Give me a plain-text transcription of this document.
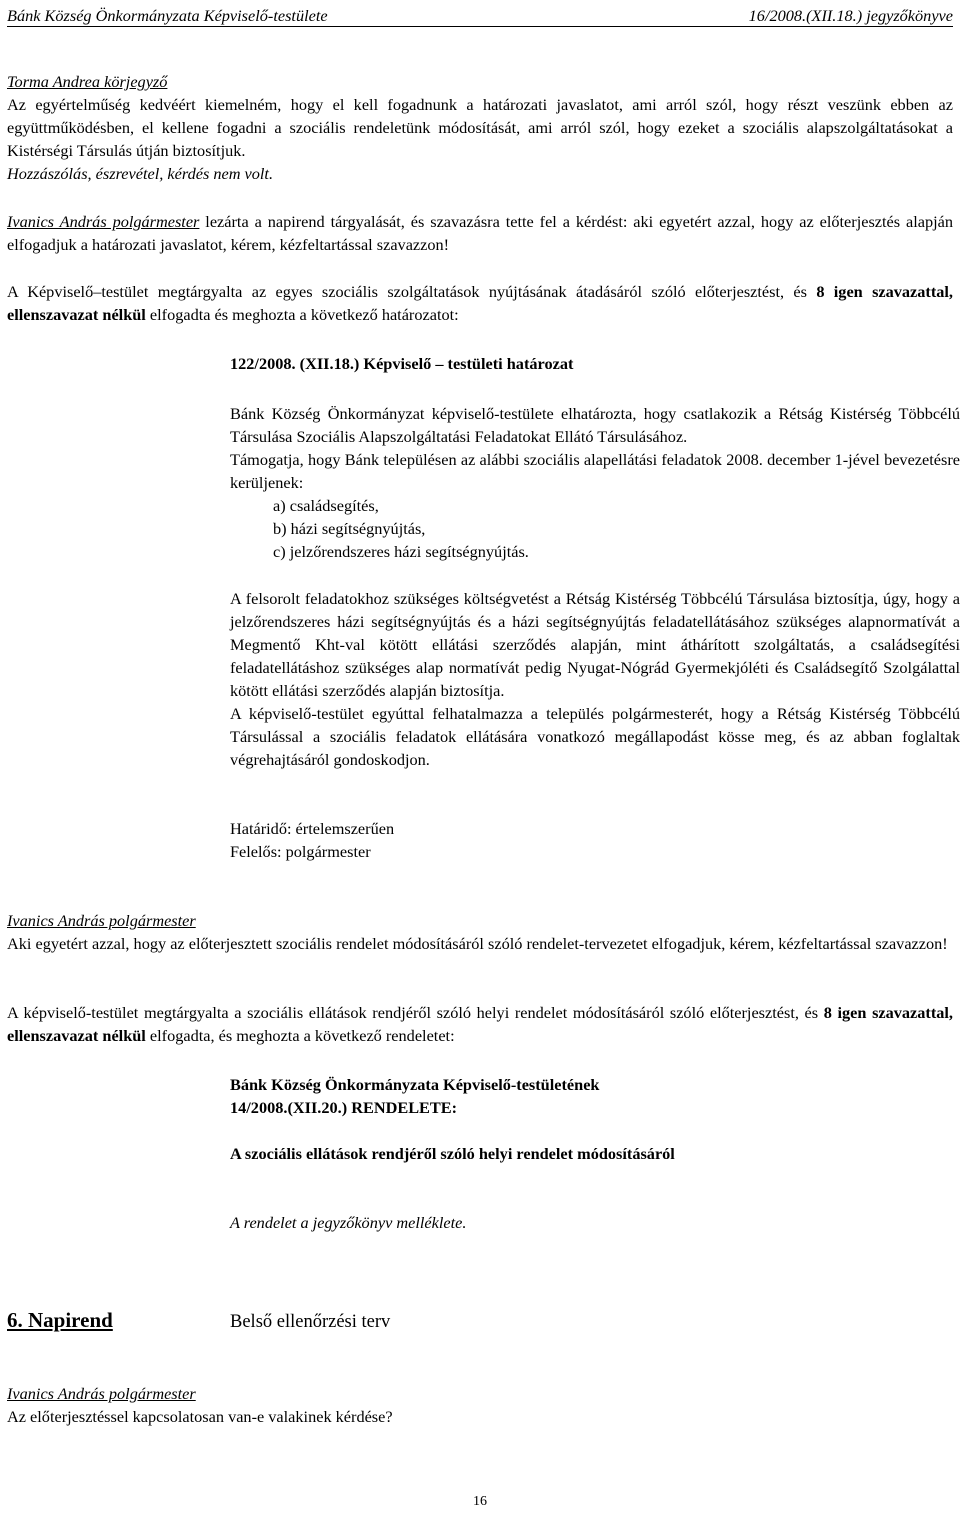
Bánk Község Önkormányzata Képviselő-testülete	16/2008.(XII.18.) jegyzőkönyve
Torma Andrea körjegyző
Az egyértelműség kedvéért kiemelném, hogy el kell fogadnunk a határozati javaslatot, ami arról szól, hogy részt veszünk ebben az együttműködésben, el kellene fogadni a szociális rendeletünk módosítását, ami arról szól, hogy ezeket a szociális alapszolgáltatásokat a Kistérségi Társulás útján biztosítjuk.
Hozzászólás, észrevétel, kérdés nem volt.
Ivanics András polgármester lezárta a napirend tárgyalását, és szavazásra tette fel a kérdést: aki egyetért azzal, hogy az előterjesztés alapján elfogadjuk a határozati javaslatot, kérem, kézfeltartással szavazzon!
A Képviselő–testület megtárgyalta az egyes szociális szolgáltatások nyújtásának átadásáról szóló előterjesztést, és 8 igen szavazattal, ellenszavazat nélkül elfogadta és meghozta a következő határozatot:
122/2008. (XII.18.) Képviselő – testületi határozat
Bánk Község Önkormányzat képviselő-testülete elhatározta, hogy csatlakozik a Rétság Kistérség Többcélú Társulása Szociális Alapszolgáltatási Feladatokat Ellátó Társulásához.
Támogatja, hogy Bánk településen az alábbi szociális alapellátási feladatok 2008. december 1-jével bevezetésre kerüljenek:
a) családsegítés,
b) házi segítségnyújtás,
c) jelzőrendszeres házi segítségnyújtás.
A felsorolt feladatokhoz szükséges költségvetést a Rétság Kistérség Többcélú Társulása biztosítja, úgy, hogy a jelzőrendszeres házi segítségnyújtás és a házi segítségnyújtás feladatellátásához szükséges alapnormatívát a Megmentő Kht-val kötött ellátási szerződés alapján, mint áthárított szolgáltatás, a családsegítési feladatellátáshoz szükséges alap normatívát pedig Nyugat-Nógrád Gyermekjóléti és Családsegítő Szolgálattal kötött ellátási szerződés alapján biztosítja.
A képviselő-testület egyúttal felhatalmazza a település polgármesterét, hogy a Rétság Kistérség Többcélú Társulással a szociális feladatok ellátására vonatkozó megállapodást kösse meg, és az abban foglaltak végrehajtásáról gondoskodjon.
Határidő: értelemszerűen
Felelős: polgármester
Ivanics András polgármester
Aki egyetért azzal, hogy az előterjesztett szociális rendelet módosításáról szóló rendelet-tervezetet elfogadjuk, kérem, kézfeltartással szavazzon!
A képviselő-testület megtárgyalta a szociális ellátások rendjéről szóló helyi rendelet módosításáról szóló előterjesztést, és 8 igen szavazattal, ellenszavazat nélkül elfogadta, és meghozta a következő rendeletet:
Bánk Község Önkormányzata Képviselő-testületének
14/2008.(XII.20.) RENDELETE:
A szociális ellátások rendjéről szóló helyi rendelet módosításáról
A rendelet a jegyzőkönyv melléklete.
6. Napirend	Belső ellenőrzési terv
Ivanics András polgármester
Az előterjesztéssel kapcsolatosan van-e valakinek kérdése?
16
